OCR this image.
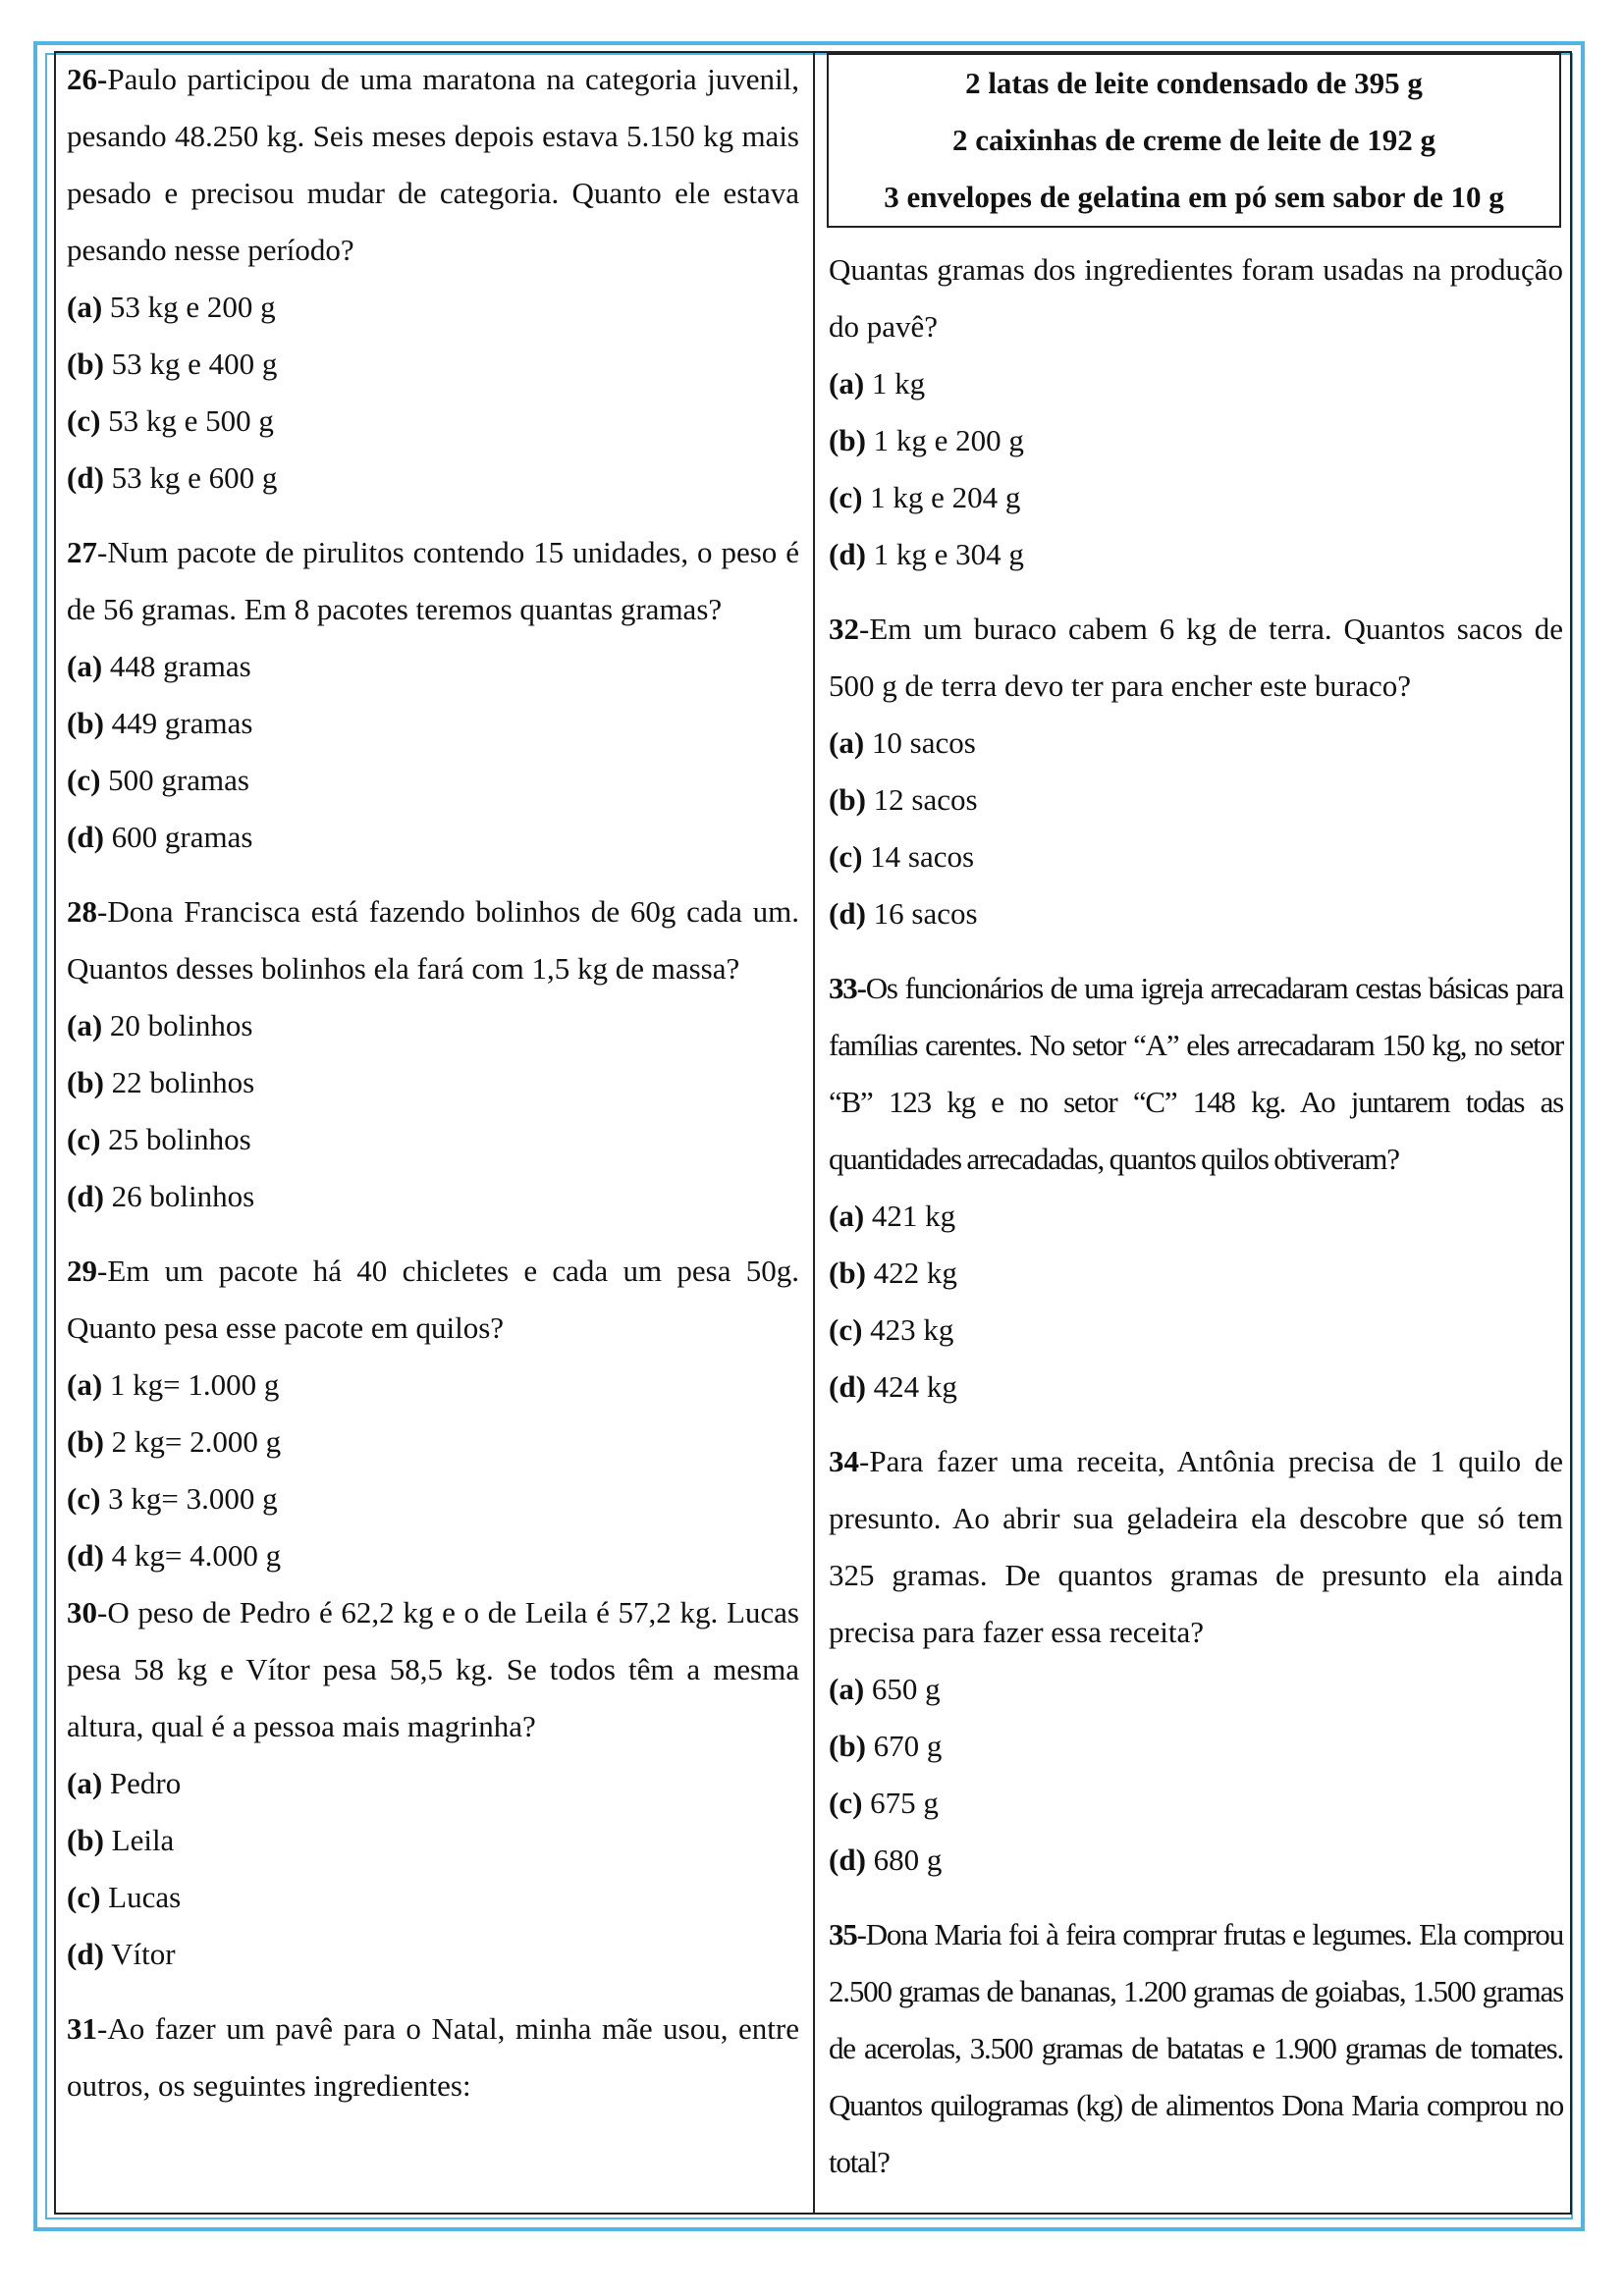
26-Paulo participou de uma maratona na categoria juvenil, pesando 48.250 kg. Seis meses depois estava 5.150 kg mais pesado e precisou mudar de categoria. Quanto ele estava pesando nesse período?

(a) 53 kg e 200 g

(b) 53 kg e 400 g

(c) 53 kg e 500 g

(d) 53 kg e 600 g

27-Num pacote de pirulitos contendo 15 unidades, o peso é de 56 gramas. Em 8 pacotes teremos quantas gramas?

(a) 448 gramas

(b) 449 gramas

(c) 500 gramas

(d) 600 gramas

28-Dona Francisca está fazendo bolinhos de 60g cada um. Quantos desses bolinhos ela fará com 1,5 kg de massa?

(a) 20 bolinhos

(b) 22 bolinhos

(c) 25 bolinhos

(d) 26 bolinhos

29-Em um pacote há 40 chicletes e cada um pesa 50g. Quanto pesa esse pacote em quilos?

(a) 1 kg= 1.000 g

(b) 2 kg= 2.000 g

(c) 3 kg= 3.000 g

(d) 4 kg= 4.000 g

30-O peso de Pedro é 62,2 kg e o de Leila é 57,2 kg. Lucas pesa 58 kg e Vítor pesa 58,5 kg. Se todos têm a mesma altura, qual é a pessoa mais magrinha?

(a) Pedro

(b) Leila

(c) Lucas

(d) Vítor

31-Ao fazer um pavê para o Natal, minha mãe usou, entre outros, os seguintes ingredientes:

2 latas de leite condensado de 395 g
2 caixinhas de creme de leite de 192 g
3 envelopes de gelatina em pó sem sabor de 10 g

Quantas gramas dos ingredientes foram usadas na produção do pavê?

(a) 1 kg

(b) 1 kg e 200 g

(c) 1 kg e 204 g

(d) 1 kg e 304 g

32-Em um buraco cabem 6 kg de terra. Quantos sacos de 500 g de terra devo ter para encher este buraco?

(a) 10 sacos

(b) 12 sacos

(c) 14 sacos

(d) 16 sacos

33-Os funcionários de uma igreja arrecadaram cestas básicas para famílias carentes. No setor “A” eles arrecadaram 150 kg, no setor “B” 123 kg e no setor “C” 148 kg. Ao juntarem todas as quantidades arrecadadas, quantos quilos obtiveram?

(a) 421 kg

(b) 422 kg

(c) 423 kg

(d) 424 kg

34-Para fazer uma receita, Antônia precisa de 1 quilo de presunto. Ao abrir sua geladeira ela descobre que só tem 325 gramas. De quantos gramas de presunto ela ainda precisa para fazer essa receita?

(a) 650 g

(b) 670 g

(c) 675 g

(d) 680 g

35-Dona Maria foi à feira comprar frutas e legumes. Ela comprou 2.500 gramas de bananas, 1.200 gramas de goiabas, 1.500 gramas de acerolas, 3.500 gramas de batatas e 1.900 gramas de tomates. Quantos quilogramas (kg) de alimentos Dona Maria comprou no total?
